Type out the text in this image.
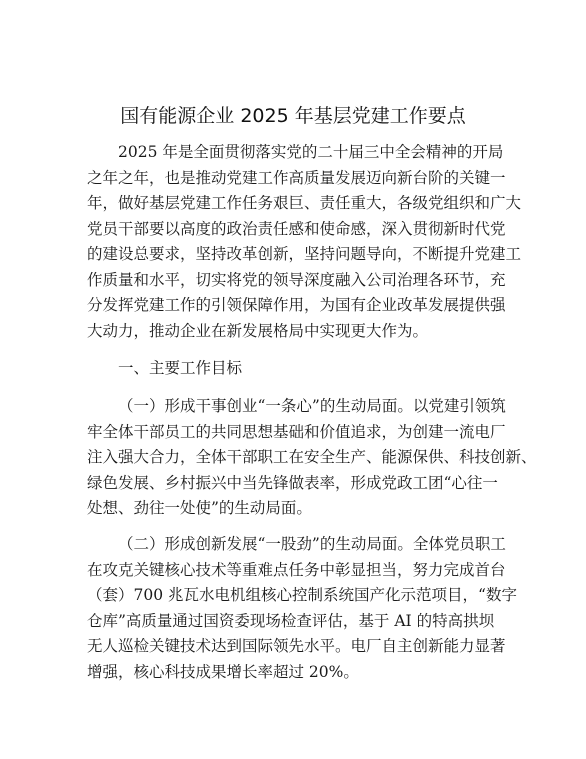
国有能源企业 2025 年基层党建工作要点
2025 年是全面贯彻落实党的二十届三中全会精神的开局
之年之年，也是推动党建工作高质量发展迈向新台阶的关键一
年，做好基层党建工作任务艰巨、责任重大，各级党组织和广大
党员干部要以高度的政治责任感和使命感，深入贯彻新时代党
的建设总要求，坚持改革创新，坚持问题导向，不断提升党建工
作质量和水平，切实将党的领导深度融入公司治理各环节，充
分发挥党建工作的引领保障作用，为国有企业改革发展提供强
大动力，推动企业在新发展格局中实现更大作为。
一、主要工作目标
（一）形成干事创业“一条心”的生动局面。以党建引领筑
牢全体干部员工的共同思想基础和价值追求，为创建一流电厂
注入强大合力，全体干部职工在安全生产、能源保供、科技创新、
绿色发展、乡村振兴中当先锋做表率，形成党政工团“心往一
处想、劲往一处使”的生动局面。
（二）形成创新发展“一股劲”的生动局面。全体党员职工
在攻克关键核心技术等重难点任务中彰显担当，努力完成首台
（套）700 兆瓦水电机组核心控制系统国产化示范项目，“数字
仓库”高质量通过国资委现场检查评估，基于 AI 的特高拱坝
无人巡检关键技术达到国际领先水平。电厂自主创新能力显著
增强，核心科技成果增长率超过 20%。
